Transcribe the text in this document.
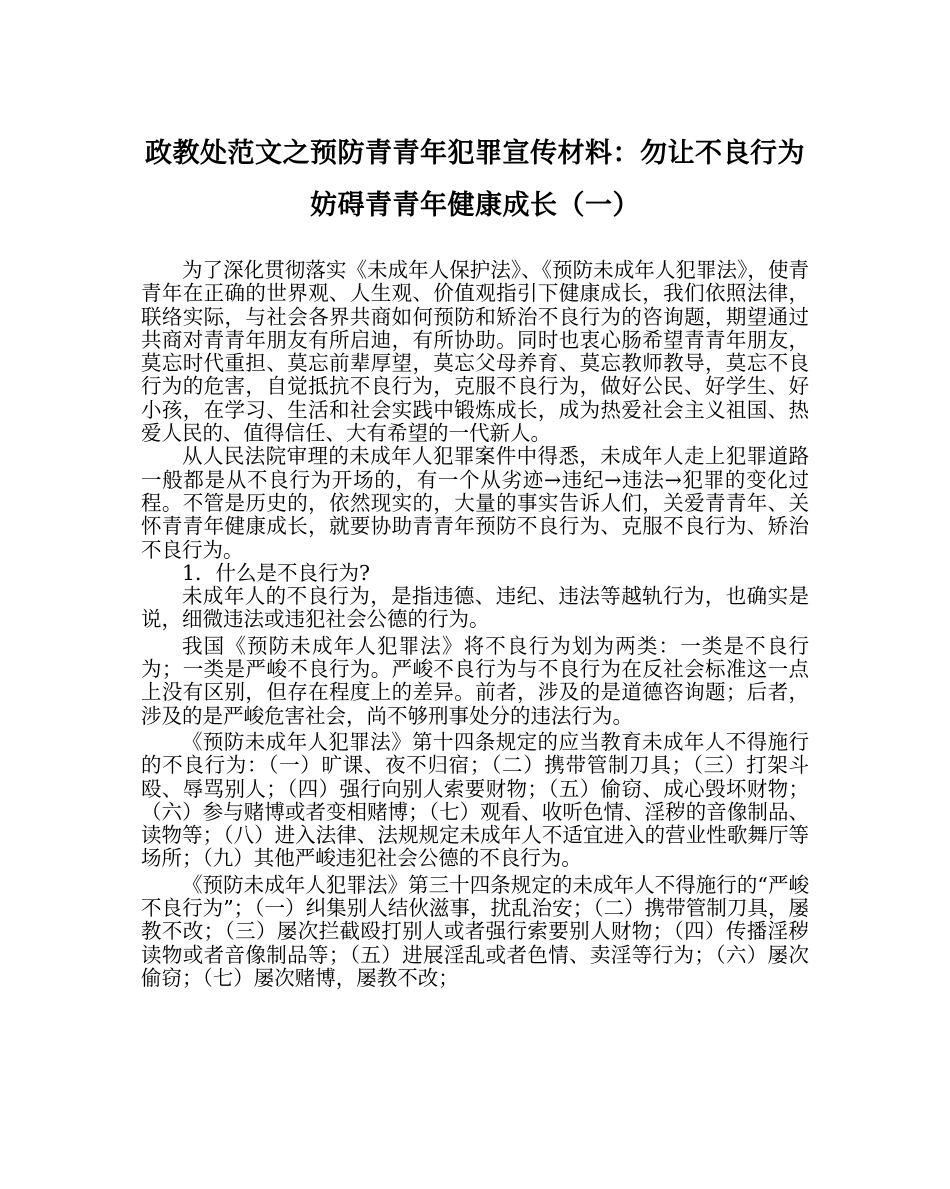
政教处范文之预防青青年犯罪宣传材料：勿让不良行为
妨碍青青年健康成长（一）

为了深化贯彻落实《未成年人保护法》、《预防未成年人犯罪法》，使青青年在正确的世界观、人生观、价值观指引下健康成长，我们依照法律，联络实际，与社会各界共商如何预防和矫治不良行为的咨询题，期望通过共商对青青年朋友有所启迪，有所协助。同时也衷心肠希望青青年朋友，莫忘时代重担、莫忘前辈厚望，莫忘父母养育、莫忘教师教导，莫忘不良行为的危害，自觉抵抗不良行为，克服不良行为，做好公民、好学生、好小孩，在学习、生活和社会实践中锻炼成长，成为热爱社会主义祖国、热爱人民的、值得信任、大有希望的一代新人。

从人民法院审理的未成年人犯罪案件中得悉，未成年人走上犯罪道路一般都是从不良行为开场的，有一个从劣迹→违纪→违法→犯罪的变化过程。不管是历史的，依然现实的，大量的事实告诉人们，关爱青青年、关怀青青年健康成长，就要协助青青年预防不良行为、克服不良行为、矫治不良行为。

1．什么是不良行为?

未成年人的不良行为，是指违德、违纪、违法等越轨行为，也确实是说，细微违法或违犯社会公德的行为。

我国《预防未成年人犯罪法》将不良行为划为两类：一类是不良行为；一类是严峻不良行为。严峻不良行为与不良行为在反社会标准这一点上没有区别，但存在程度上的差异。前者，涉及的是道德咨询题；后者，涉及的是严峻危害社会，尚不够刑事处分的违法行为。

《预防未成年人犯罪法》第十四条规定的应当教育未成年人不得施行的不良行为：（一）旷课、夜不归宿；（二）携带管制刀具；（三）打架斗殴、辱骂别人；（四）强行向别人索要财物；（五）偷窃、成心毁坏财物；（六）参与赌博或者变相赌博；（七）观看、收听色情、淫秽的音像制品、读物等；（八）进入法律、法规规定未成年人不适宜进入的营业性歌舞厅等场所；（九）其他严峻违犯社会公德的不良行为。

《预防未成年人犯罪法》第三十四条规定的未成年人不得施行的“严峻不良行为”；（一）纠集别人结伙滋事，扰乱治安；（二）携带管制刀具，屡教不改；（三）屡次拦截殴打别人或者强行索要别人财物；（四）传播淫秽读物或者音像制品等；（五）进展淫乱或者色情、卖淫等行为；（六）屡次偷窃；（七）屡次赌博，屡教不改；
